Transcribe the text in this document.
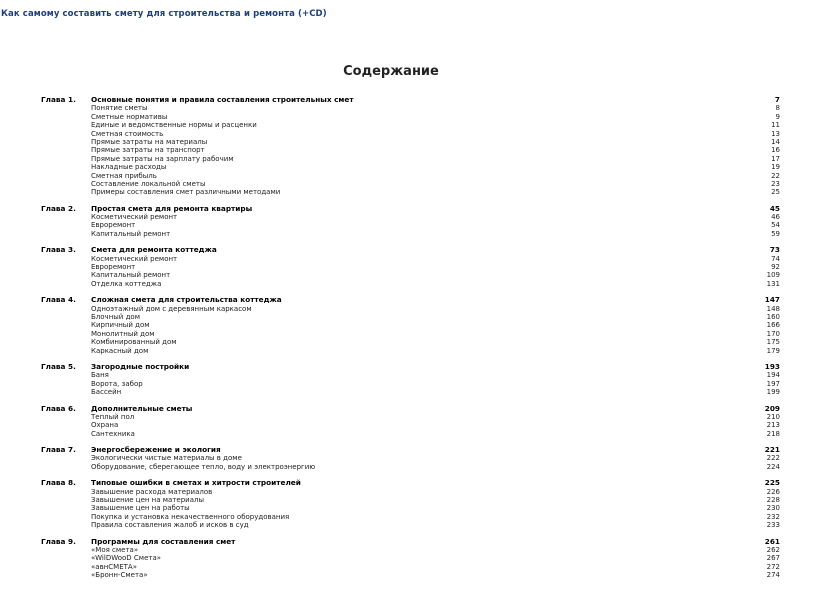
Как самому составить смету для строительства и ремонта (+CD)
Содержание
Глава 1. Основные понятия и правила составления строительных смет	7
Понятие сметы	8
Сметные нормативы	9
Единые и ведомственные нормы и расценки	11
Сметная стоимость	13
Прямые затраты на материалы	14
Прямые затраты на транспорт	16
Прямые затраты на зарплату рабочим	17
Накладные расходы	19
Сметная прибыль	22
Составление локальной сметы	23
Примеры составления смет различными методами	25
Глава 2. Простая смета для ремонта квартиры	45
Косметический ремонт	46
Евроремонт	54
Капитальный ремонт	59
Глава 3. Смета для ремонта коттеджа	73
Косметический ремонт	74
Евроремонт	92
Капитальный ремонт	109
Отделка коттеджа	131
Глава 4. Сложная смета для строительства коттеджа	147
Одноэтажный дом с деревянным каркасом	148
Блочный дом	160
Кирпичный дом	166
Монолитный дом	170
Комбинированный дом	175
Каркасный дом	179
Глава 5. Загородные постройки	193
Баня	194
Ворота, забор	197
Бассейн	199
Глава 6. Дополнительные сметы	209
Теплый пол	210
Охрана	213
Сантехника	218
Глава 7. Энергосбережение и экология	221
Экологически чистые материалы в доме	222
Оборудование, сберегающее тепло, воду и электроэнергию	224
Глава 8. Типовые ошибки в сметах и хитрости строителей	225
Завышение расхода материалов	226
Завышение цен на материалы	228
Завышение цен на работы	230
Покупка и установка некачественного оборудования	232
Правила составления жалоб и исков в суд	233
Глава 9. Программы для составления смет	261
«Моя смета»	262
«WilDWooD Смета»	267
«авнСМЕТА»	272
«Бронн-Смета»	274
